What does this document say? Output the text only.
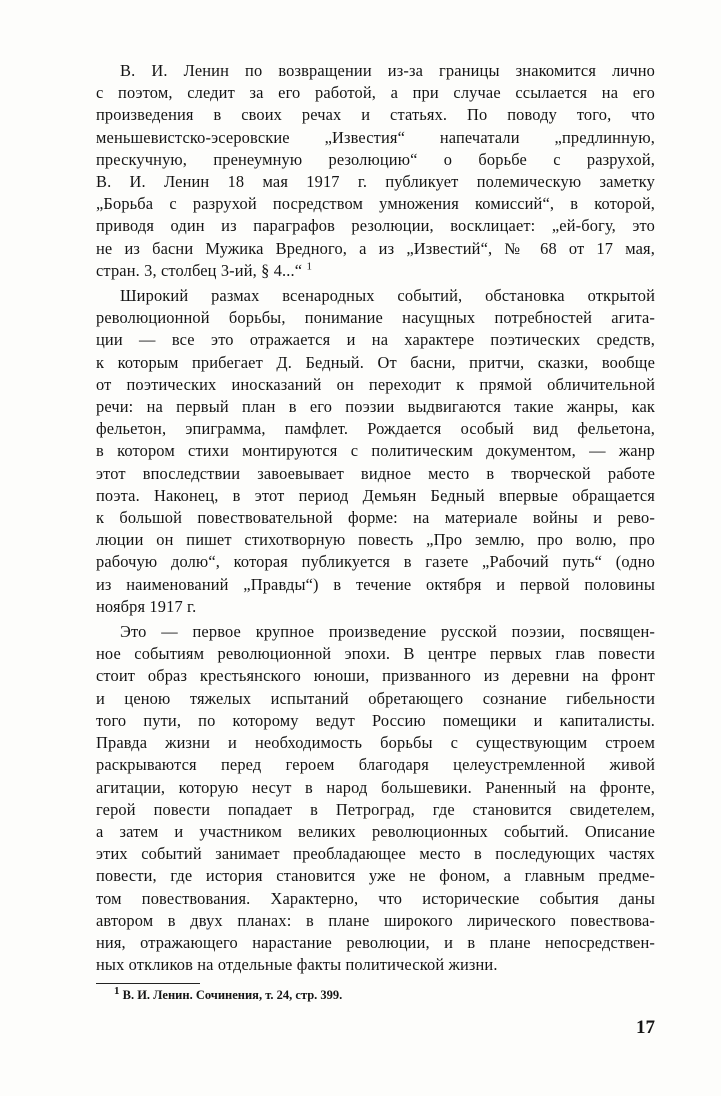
В. И. Ленин по возвращении из-за границы знакомится лично
с поэтом, следит за его работой, а при случае ссылается на его
произведения в своих речах и статьях. По поводу того, что
меньшевистско-эсеровские „Известия“ напечатали „предлинную,
прескучную, пренеумную резолюцию“ о борьбе с разрухой,
В. И. Ленин 18 мая 1917 г. публикует полемическую заметку
„Борьба с разрухой посредством умножения комиссий“, в которой,
приводя один из параграфов резолюции, восклицает: „ей-богу, это
не из басни Мужика Вредного, а из „Известий“, № 68 от 17 мая,
стран. 3, столбец 3-ий, § 4...“ $^1$
Широкий размах всенародных событий, обстановка открытой
революционной борьбы, понимание насущных потребностей агита-
ции — все это отражается и на характере поэтических средств,
к которым прибегает Д. Бедный. От басни, притчи, сказки, вообще
от поэтических иносказаний он переходит к прямой обличительной
речи: на первый план в его поэзии выдвигаются такие жанры, как
фельетон, эпиграмма, памфлет. Рождается особый вид фельетона,
в котором стихи монтируются с политическим документом, — жанр
этот впоследствии завоевывает видное место в творческой работе
поэта. Наконец, в этот период Демьян Бедный впервые обращается
к большой повествовательной форме: на материале войны и рево-
люции он пишет стихотворную повесть „Про землю, про волю, про
рабочую долю“, которая публикуется в газете „Рабочий путь“ (одно
из наименований „Правды“) в течение октября и первой половины
ноября 1917 г.
Это — первое крупное произведение русской поэзии, посвящен-
ное событиям революционной эпохи. В центре первых глав повести
стоит образ крестьянского юноши, призванного из деревни на фронт
и ценою тяжелых испытаний обретающего сознание гибельности
того пути, по которому ведут Россию помещики и капиталисты.
Правда жизни и необходимость борьбы с существующим строем
раскрываются перед героем благодаря целеустремленной живой
агитации, которую несут в народ большевики. Раненный на фронте,
герой повести попадает в Петроград, где становится свидетелем,
а затем и участником великих революционных событий. Описание
этих событий занимает преобладающее место в последующих частях
повести, где история становится уже не фоном, а главным предме-
том повествования. Характерно, что исторические события даны
автором в двух планах: в плане широкого лирического повествова-
ния, отражающего нарастание революции, и в плане непосредствен-
ных откликов на отдельные факты политической жизни.
1 В. И. Ленин. Сочинения, т. 24, стр. 399.
17
